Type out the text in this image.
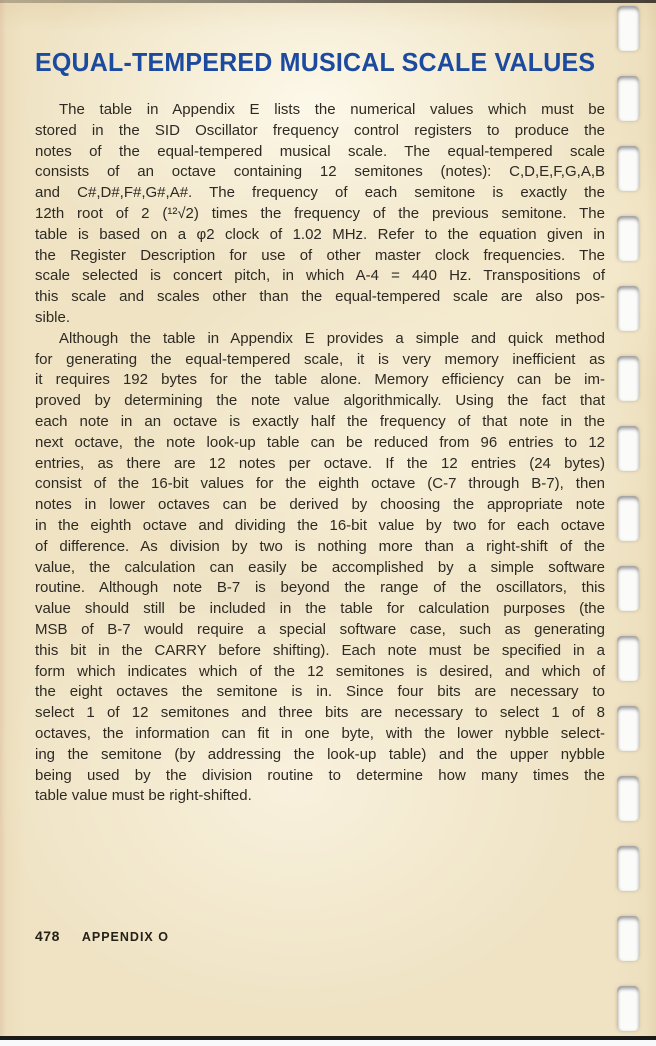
EQUAL-TEMPERED MUSICAL SCALE VALUES
The table in Appendix E lists the numerical values which must be
stored in the SID Oscillator frequency control registers to produce the
notes of the equal-tempered musical scale. The equal-tempered scale
consists of an octave containing 12 semitones (notes): C,D,E,F,G,A,B
and C#,D#,F#,G#,A#. The frequency of each semitone is exactly the
12th root of 2 (¹²√2) times the frequency of the previous semitone. The
table is based on a φ2 clock of 1.02 MHz. Refer to the equation given in
the Register Description for use of other master clock frequencies. The
scale selected is concert pitch, in which A-4 = 440 Hz. Transpositions of
this scale and scales other than the equal-tempered scale are also pos-
sible.
Although the table in Appendix E provides a simple and quick method
for generating the equal-tempered scale, it is very memory inefficient as
it requires 192 bytes for the table alone. Memory efficiency can be im-
proved by determining the note value algorithmically. Using the fact that
each note in an octave is exactly half the frequency of that note in the
next octave, the note look-up table can be reduced from 96 entries to 12
entries, as there are 12 notes per octave. If the 12 entries (24 bytes)
consist of the 16-bit values for the eighth octave (C-7 through B-7), then
notes in lower octaves can be derived by choosing the appropriate note
in the eighth octave and dividing the 16-bit value by two for each octave
of difference. As division by two is nothing more than a right-shift of the
value, the calculation can easily be accomplished by a simple software
routine. Although note B-7 is beyond the range of the oscillators, this
value should still be included in the table for calculation purposes (the
MSB of B-7 would require a special software case, such as generating
this bit in the CARRY before shifting). Each note must be specified in a
form which indicates which of the 12 semitones is desired, and which of
the eight octaves the semitone is in. Since four bits are necessary to
select 1 of 12 semitones and three bits are necessary to select 1 of 8
octaves, the information can fit in one byte, with the lower nybble select-
ing the semitone (by addressing the look-up table) and the upper nybble
being used by the division routine to determine how many times the
table value must be right-shifted.
478 APPENDIX O
